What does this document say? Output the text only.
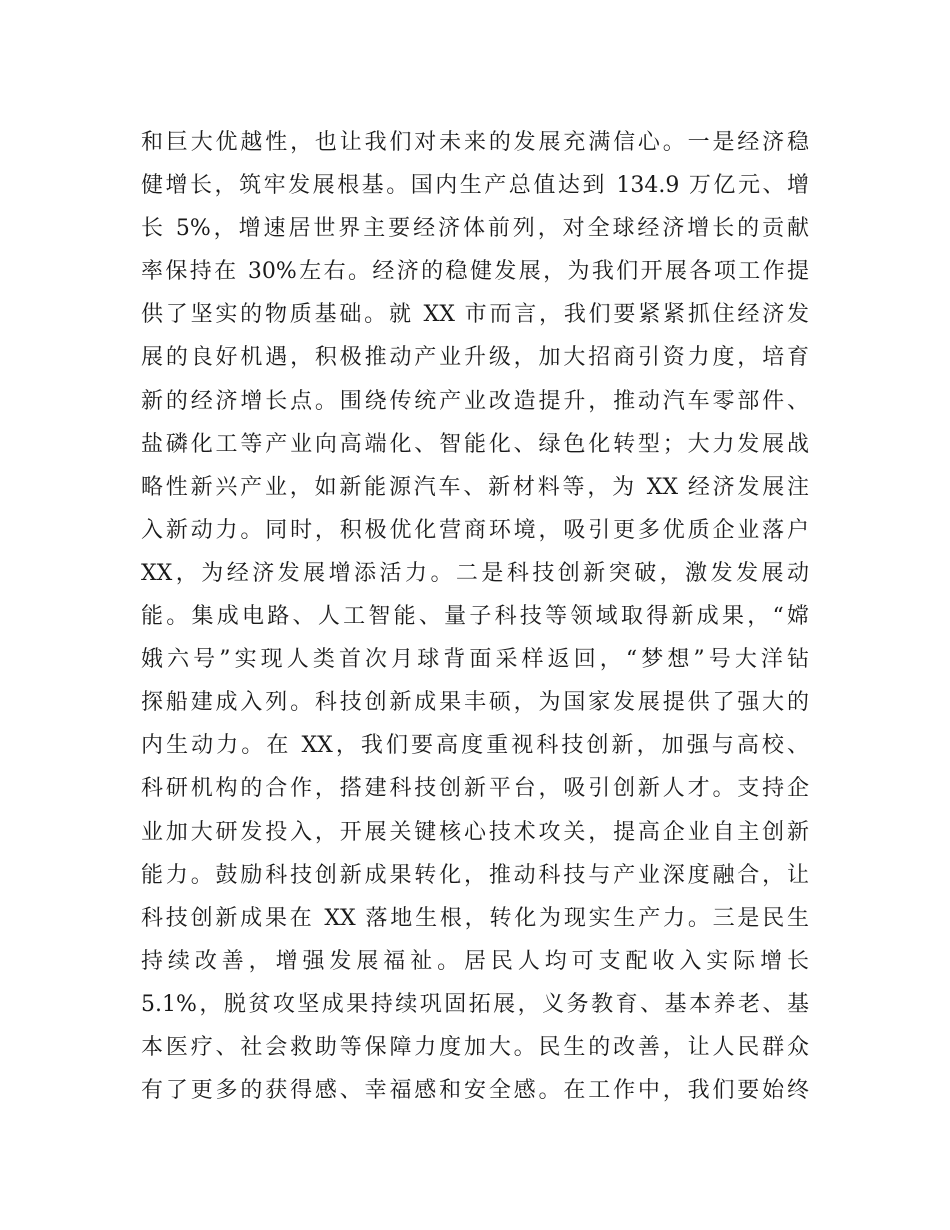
和巨大优越性，也让我们对未来的发展充满信心。一是经济稳
健增长，筑牢发展根基。国内生产总值达到 134.9 万亿元、增
长 5%，增速居世界主要经济体前列，对全球经济增长的贡献
率保持在 30%左右。经济的稳健发展，为我们开展各项工作提
供了坚实的物质基础。就 XX 市而言，我们要紧紧抓住经济发
展的良好机遇，积极推动产业升级，加大招商引资力度，培育
新的经济增长点。围绕传统产业改造提升，推动汽车零部件、
盐磷化工等产业向高端化、智能化、绿色化转型；大力发展战
略性新兴产业，如新能源汽车、新材料等，为 XX 经济发展注
入新动力。同时，积极优化营商环境，吸引更多优质企业落户
XX，为经济发展增添活力。二是科技创新突破，激发发展动
能。集成电路、人工智能、量子科技等领域取得新成果，“嫦
娥六号”实现人类首次月球背面采样返回，“梦想”号大洋钻
探船建成入列。科技创新成果丰硕，为国家发展提供了强大的
内生动力。在 XX，我们要高度重视科技创新，加强与高校、
科研机构的合作，搭建科技创新平台，吸引创新人才。支持企
业加大研发投入，开展关键核心技术攻关，提高企业自主创新
能力。鼓励科技创新成果转化，推动科技与产业深度融合，让
科技创新成果在 XX 落地生根，转化为现实生产力。三是民生
持续改善，增强发展福祉。居民人均可支配收入实际增长
5.1%，脱贫攻坚成果持续巩固拓展，义务教育、基本养老、基
本医疗、社会救助等保障力度加大。民生的改善，让人民群众
有了更多的获得感、幸福感和安全感。在工作中，我们要始终
